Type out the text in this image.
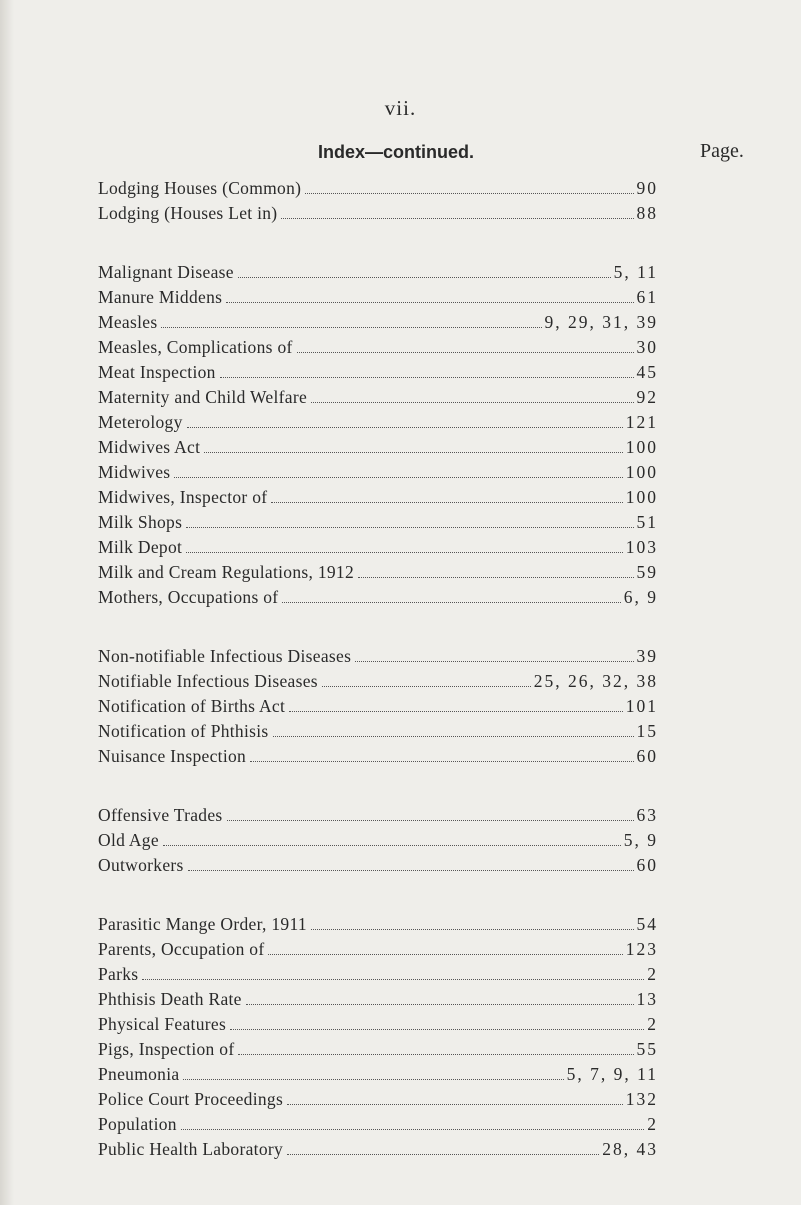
vii.
Index—continued.	Page.
Lodging Houses (Common)	90
Lodging (Houses Let in)	88
Malignant Disease	5, 11
Manure Middens	61
Measles	9, 29, 31, 39
Measles, Complications of	30
Meat Inspection	45
Maternity and Child Welfare	92
Meterology	121
Midwives Act	100
Midwives	100
Midwives, Inspector of	100
Milk Shops	51
Milk Depot	103
Milk and Cream Regulations, 1912	59
Mothers, Occupations of	6, 9
Non-notifiable Infectious Diseases	39
Notifiable Infectious Diseases	25, 26, 32, 38
Notification of Births Act	101
Notification of Phthisis	15
Nuisance Inspection	60
Offensive Trades	63
Old Age	5, 9
Outworkers	60
Parasitic Mange Order, 1911	54
Parents, Occupation of	123
Parks	2
Phthisis Death Rate	13
Physical Features	2
Pigs, Inspection of	55
Pneumonia	5, 7, 9, 11
Police Court Proceedings	132
Population	2
Public Health Laboratory	28, 43
